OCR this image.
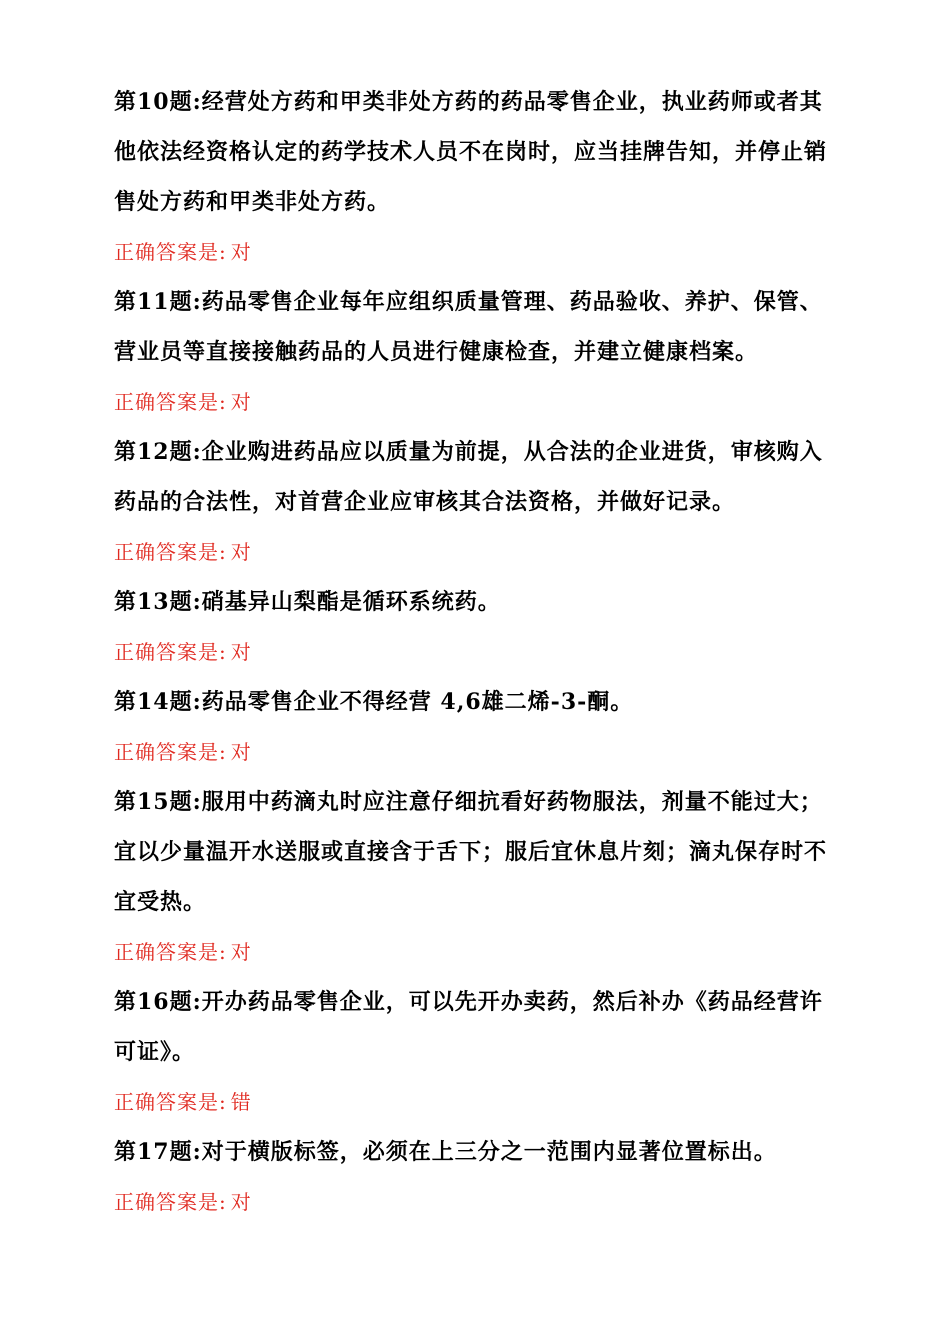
第10题:经营处方药和甲类非处方药的药品零售企业，执业药师或者其他依法经资格认定的药学技术人员不在岗时，应当挂牌告知，并停止销售处方药和甲类非处方药。

正确答案是: 对

第11题:药品零售企业每年应组织质量管理、药品验收、养护、保管、营业员等直接接触药品的人员进行健康检查，并建立健康档案。

正确答案是: 对

第12题:企业购进药品应以质量为前提，从合法的企业进货，审核购入药品的合法性，对首营企业应审核其合法资格，并做好记录。

正确答案是: 对

第13题:硝基异山梨酯是循环系统药。

正确答案是: 对

第14题:药品零售企业不得经营 4,6雄二烯-3-酮。

正确答案是: 对

第15题:服用中药滴丸时应注意仔细抗看好药物服法，剂量不能过大；宜以少量温开水送服或直接含于舌下；服后宜休息片刻；滴丸保存时不宜受热。

正确答案是: 对

第16题:开办药品零售企业，可以先开办卖药，然后补办《药品经营许可证》。

正确答案是: 错

第17题:对于横版标签，必须在上三分之一范围内显著位置标出。

正确答案是: 对
